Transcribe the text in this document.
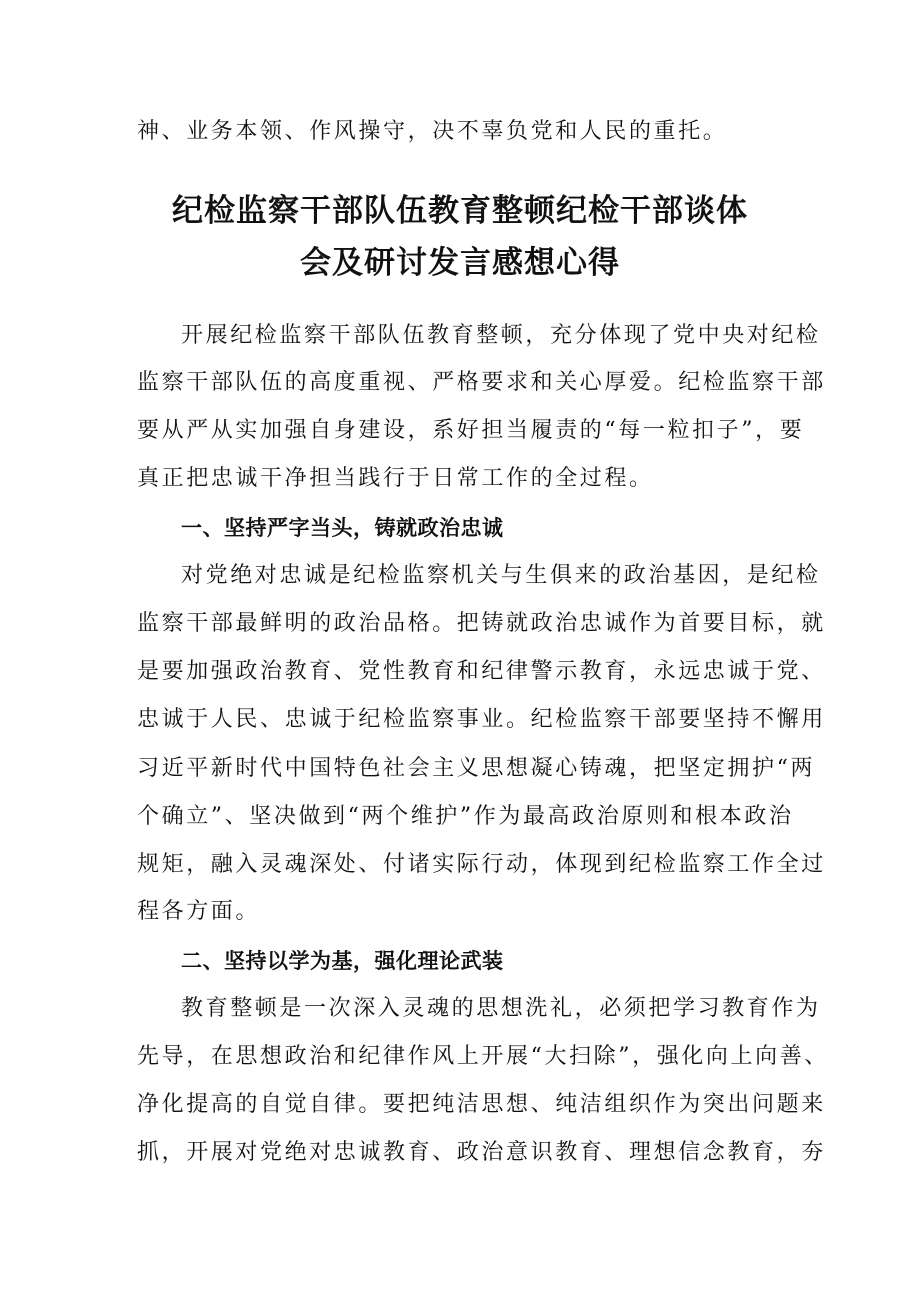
神、业务本领、作风操守，决不辜负党和人民的重托。
纪检监察干部队伍教育整顿纪检干部谈体
会及研讨发言感想心得
开展纪检监察干部队伍教育整顿，充分体现了党中央对纪检
监察干部队伍的高度重视、严格要求和关心厚爱。纪检监察干部
要从严从实加强自身建设，系好担当履责的“每一粒扣子”，要
真正把忠诚干净担当践行于日常工作的全过程。
一、坚持严字当头，铸就政治忠诚
对党绝对忠诚是纪检监察机关与生俱来的政治基因，是纪检
监察干部最鲜明的政治品格。把铸就政治忠诚作为首要目标，就
是要加强政治教育、党性教育和纪律警示教育，永远忠诚于党、
忠诚于人民、忠诚于纪检监察事业。纪检监察干部要坚持不懈用
习近平新时代中国特色社会主义思想凝心铸魂，把坚定拥护“两
个确立”、坚决做到“两个维护”作为最高政治原则和根本政治
规矩，融入灵魂深处、付诸实际行动，体现到纪检监察工作全过
程各方面。
二、坚持以学为基，强化理论武装
教育整顿是一次深入灵魂的思想洗礼，必须把学习教育作为
先导，在思想政治和纪律作风上开展“大扫除”，强化向上向善、
净化提高的自觉自律。要把纯洁思想、纯洁组织作为突出问题来
抓，开展对党绝对忠诚教育、政治意识教育、理想信念教育，夯
